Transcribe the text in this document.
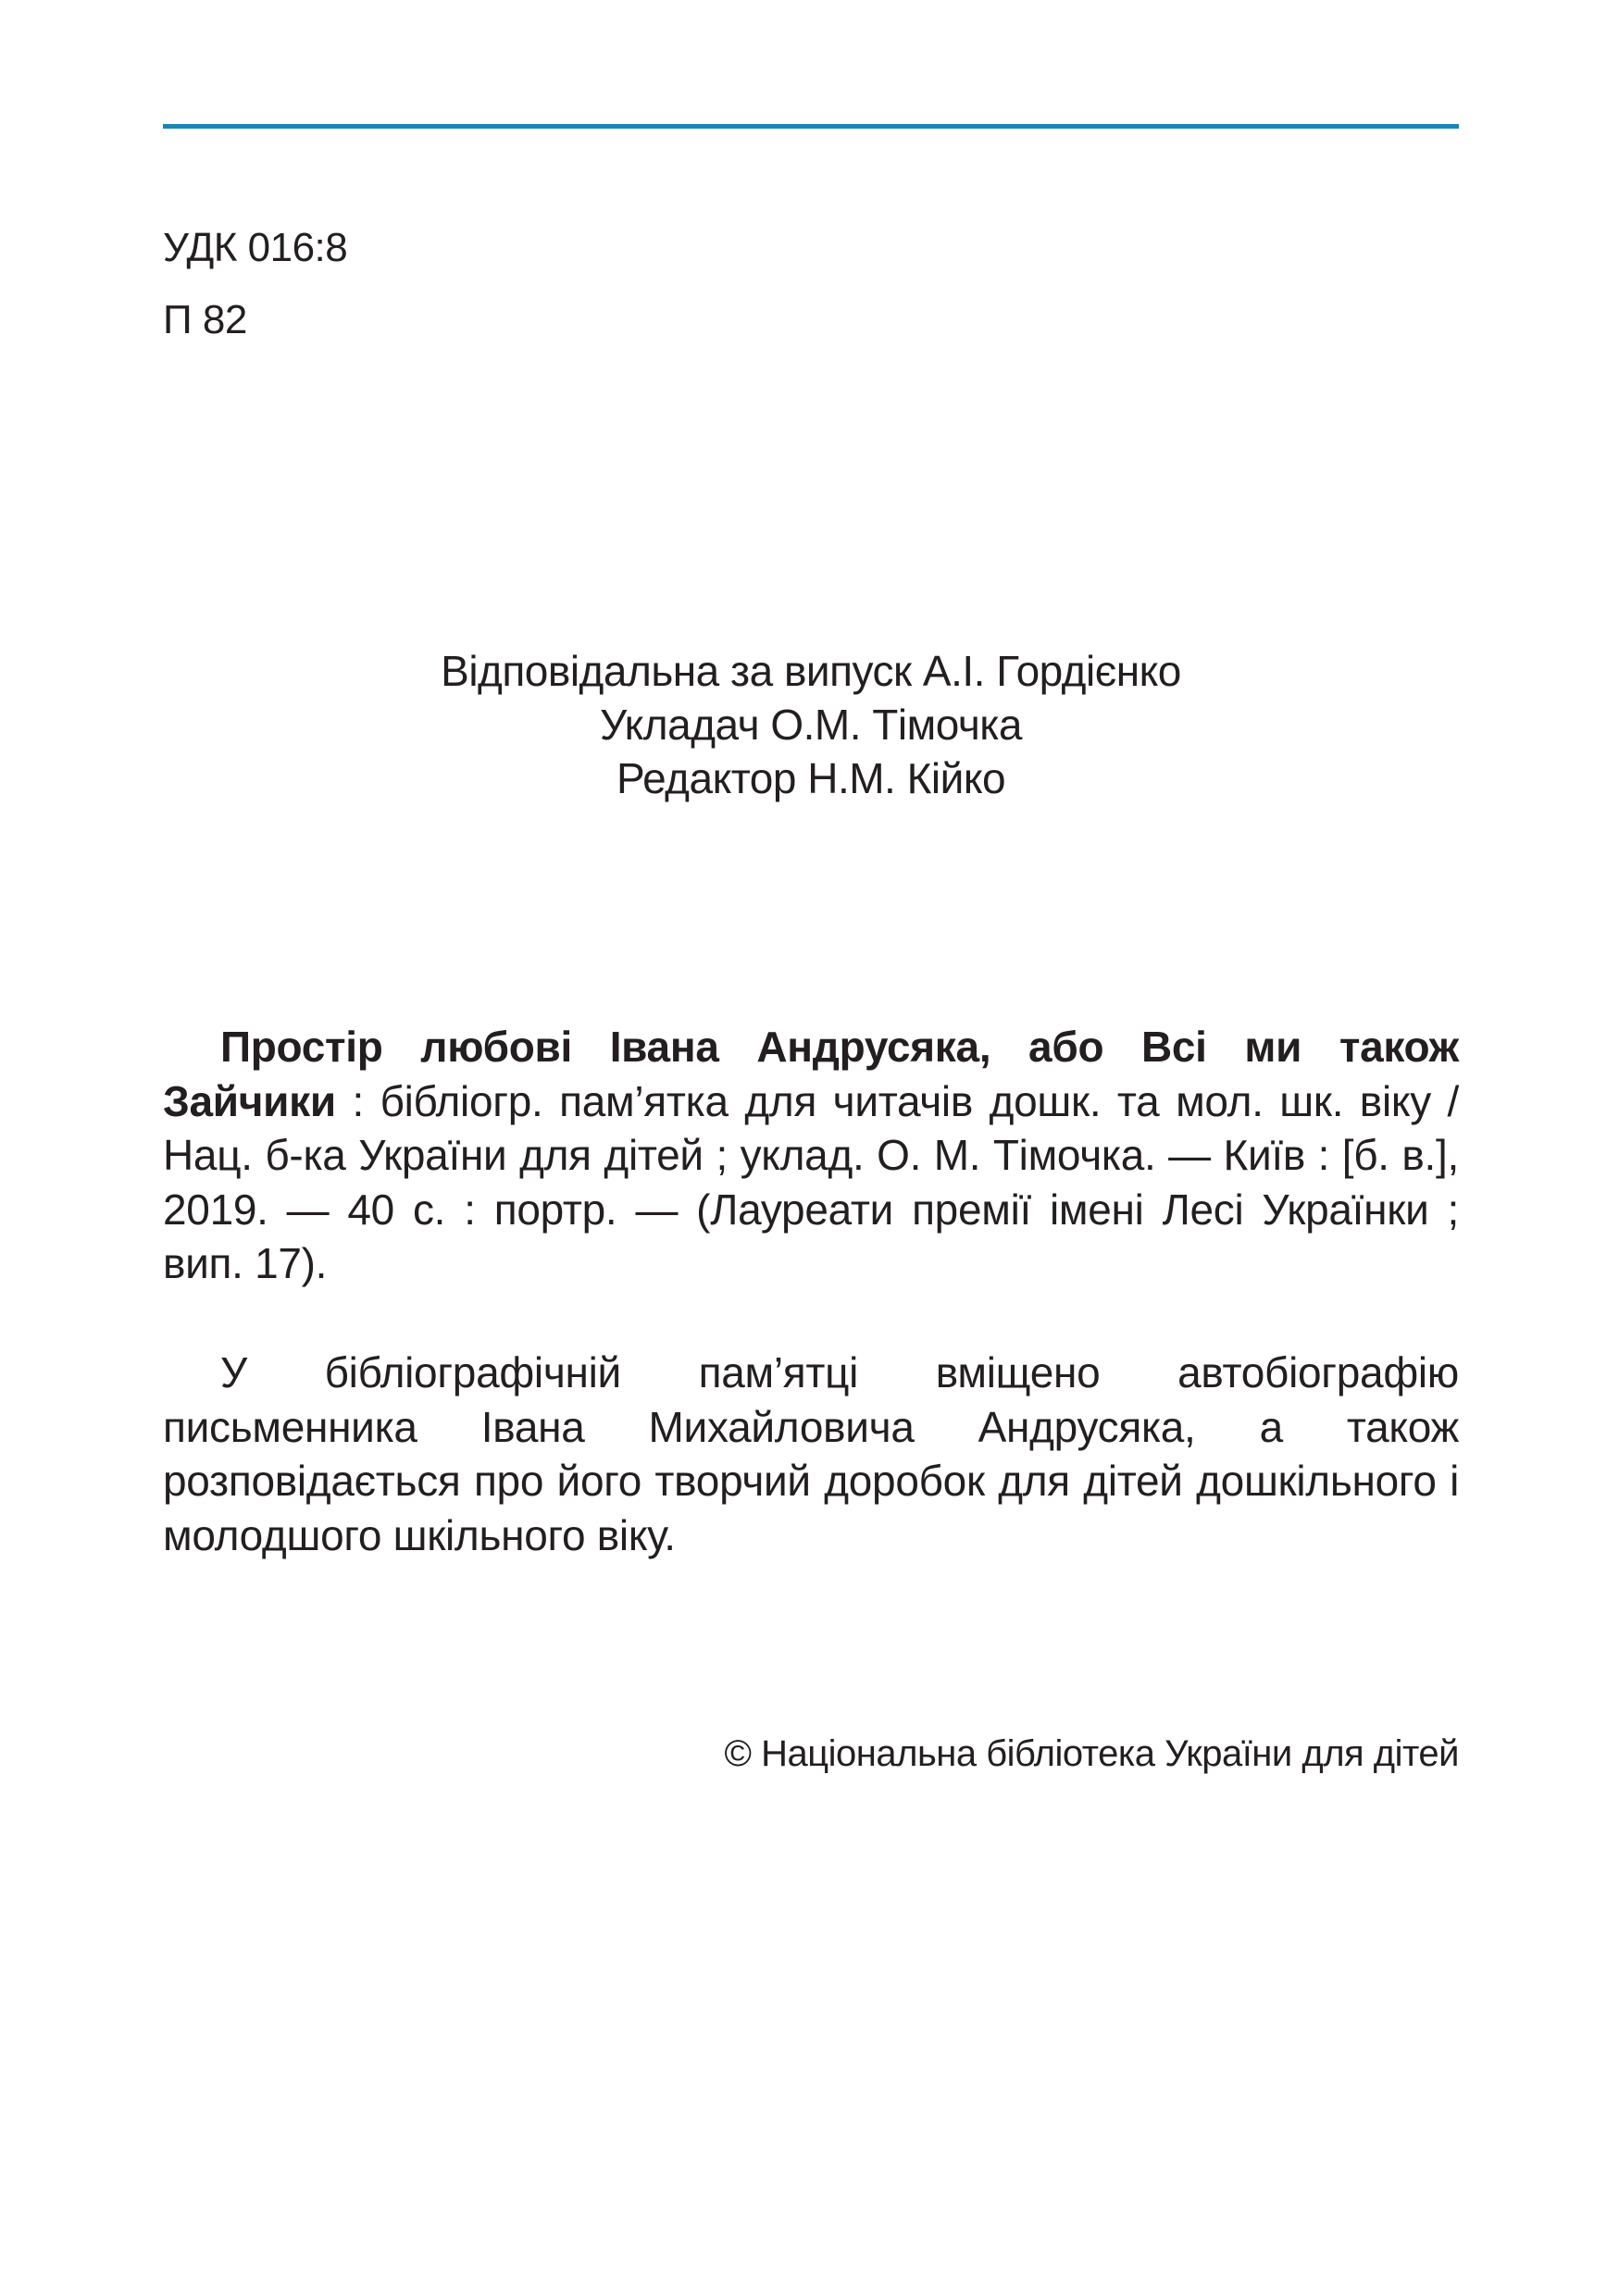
УДК 016:8
П 82
Відповідальна за випуск А.І. Гордієнко
Укладач О.М. Тімочка
Редактор Н.М. Кійко

Простір любові Івана Андрусяка, або Всі ми також Зайчики : бібліогр. пам’ятка для читачів дошк. та мол. шк. віку / Нац. б-ка України для дітей ; уклад. О. М. Тімочка. — Київ : [б. в.], 2019. — 40 с. : портр. — (Лауреати премії імені Лесі Українки ; вип. 17).

У бібліографічній пам’ятці вміщено автобіографію письменника Івана Михайловича Андрусяка, а також розповідається про його творчий доробок для дітей дошкільного і молодшого шкільного віку.

© Національна бібліотека України для дітей
